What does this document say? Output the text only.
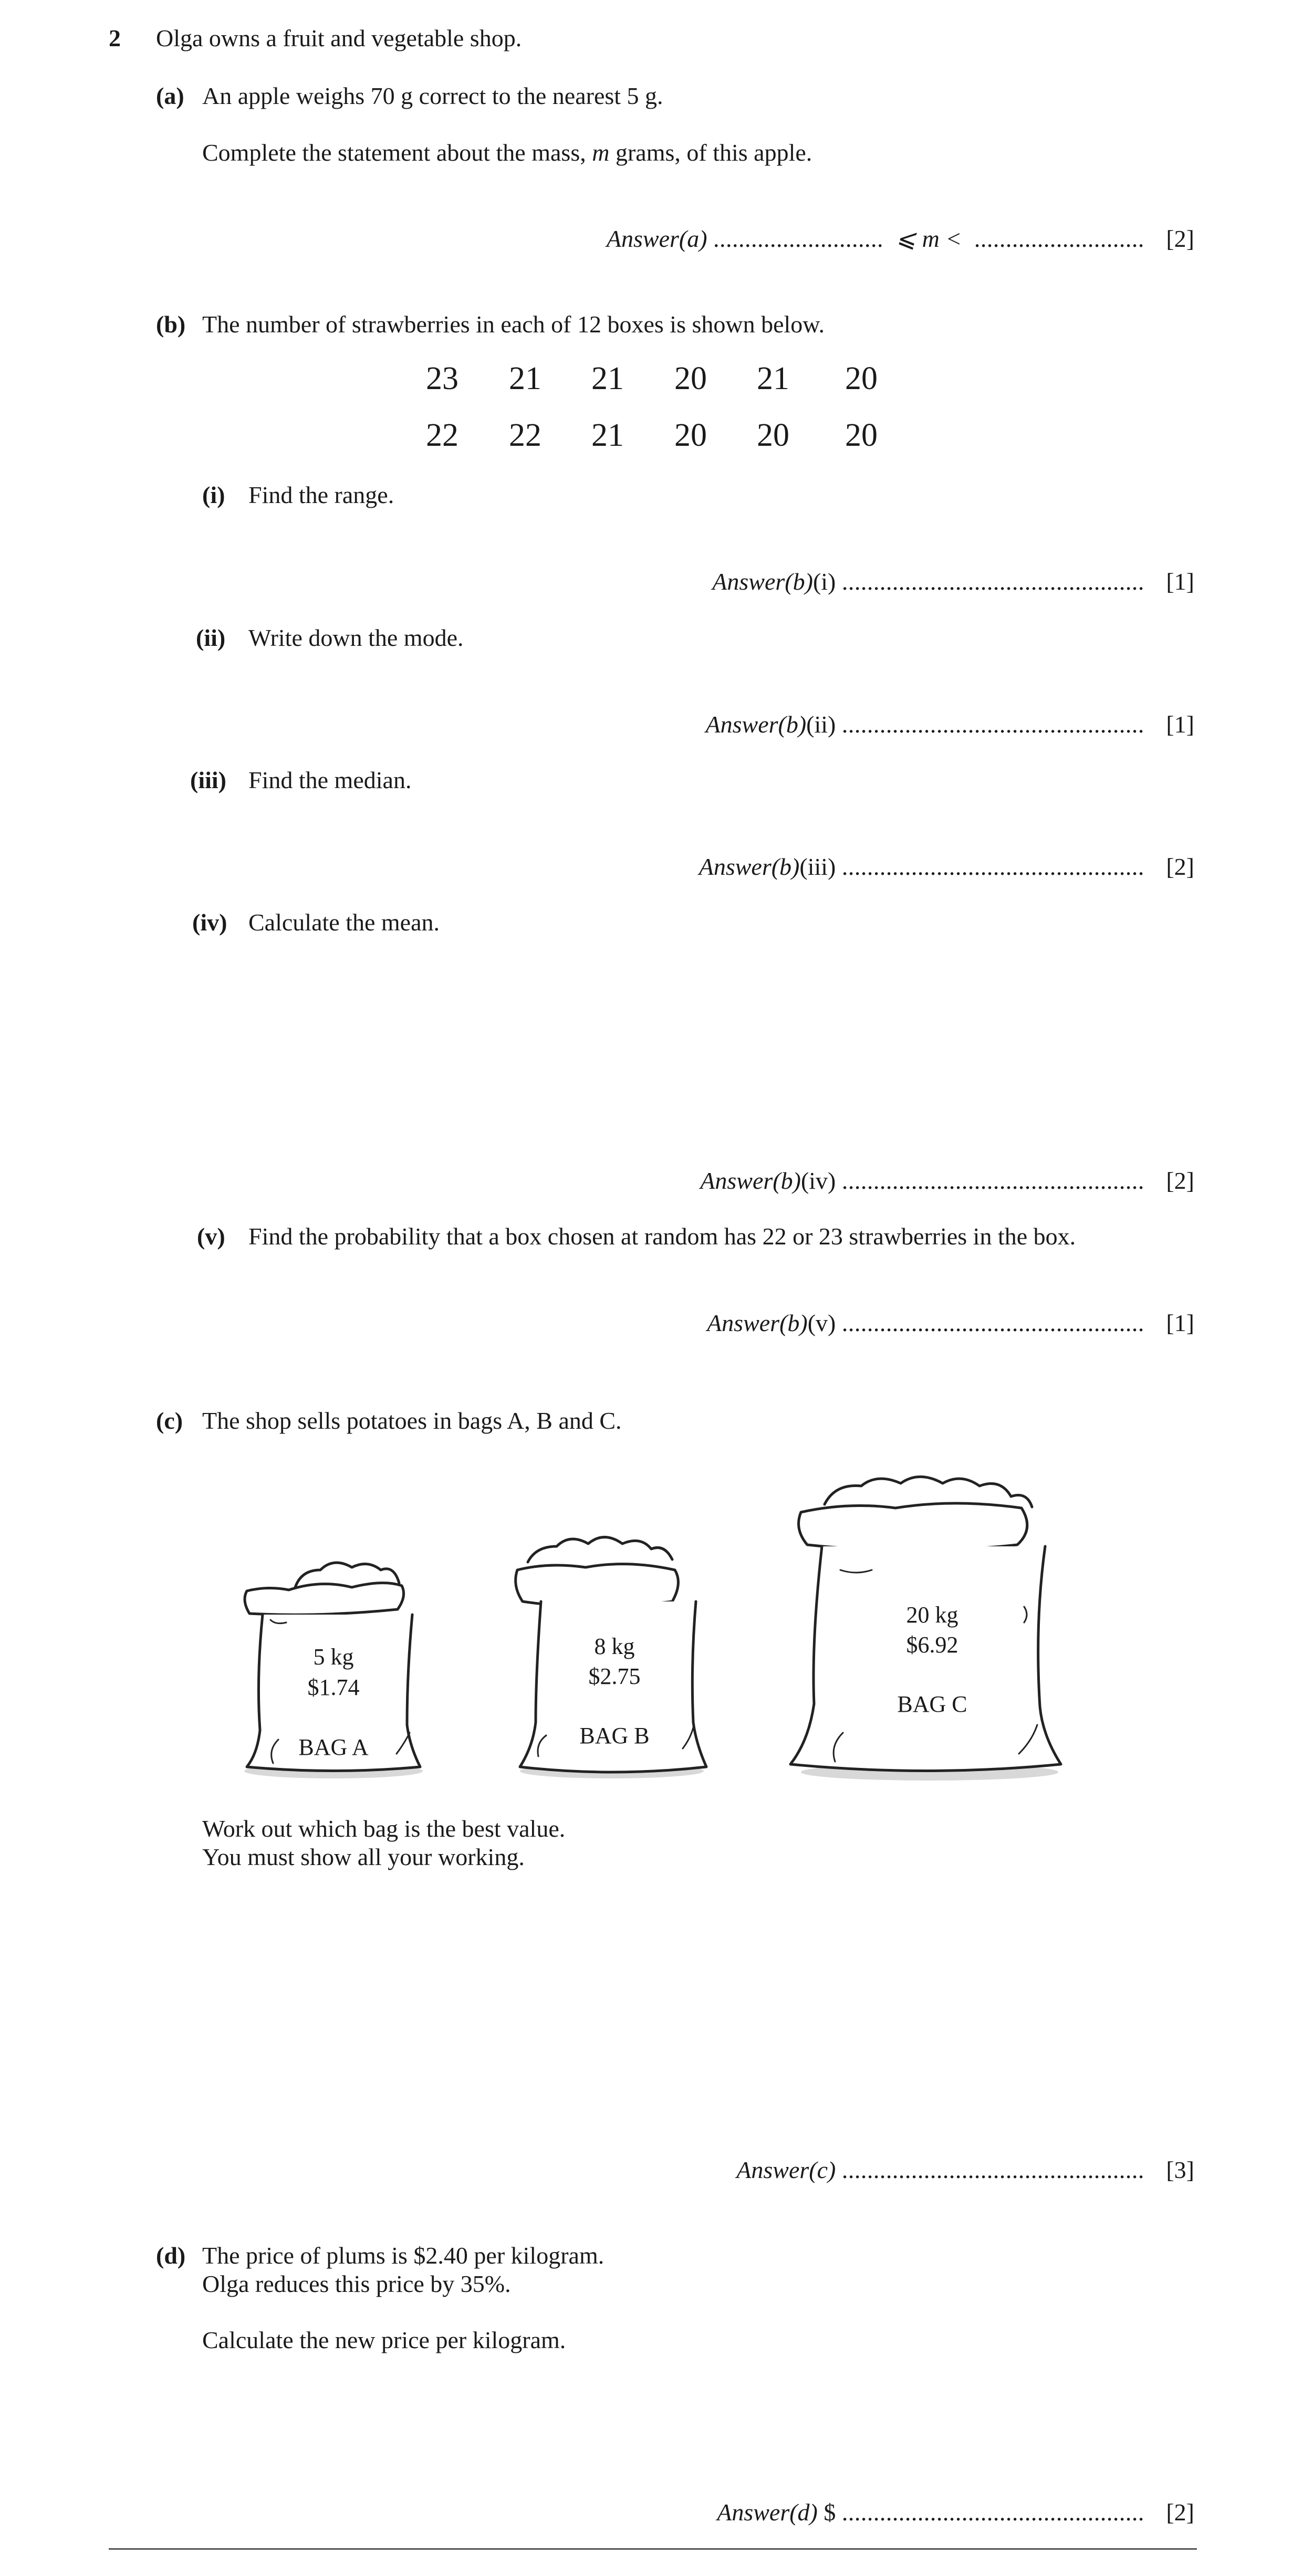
2 Olga owns a fruit and vegetable shop.
(a) An apple weighs 70 g correct to the nearest 5 g.
Complete the statement about the mass, m grams, of this apple.
Answer(a) ........................... ⩽ m < ........................... [2]
(b) The number of strawberries in each of 12 boxes is shown below.
23	21	21	20	21	20
22	22	21	20	20	20
(i) Find the range.
Answer(b)(i) ................................................ [1]
(ii) Write down the mode.
Answer(b)(ii) ................................................ [1]
(iii) Find the median.
Answer(b)(iii) ................................................ [2]
(iv) Calculate the mean.
Answer(b)(iv) ................................................ [2]
(v) Find the probability that a box chosen at random has 22 or 23 strawberries in the box.
Answer(b)(v) ................................................ [1]
(c) The shop sells potatoes in bags A, B and C.
5 kg
$1.74
BAG A
8 kg
$2.75
BAG B
20 kg
$6.92
BAG C
Work out which bag is the best value.
You must show all your working.
Answer(c) ................................................ [3]
(d) The price of plums is $2.40 per kilogram.
Olga reduces this price by 35%.
Calculate the new price per kilogram.
Answer(d) $ ................................................ [2]
